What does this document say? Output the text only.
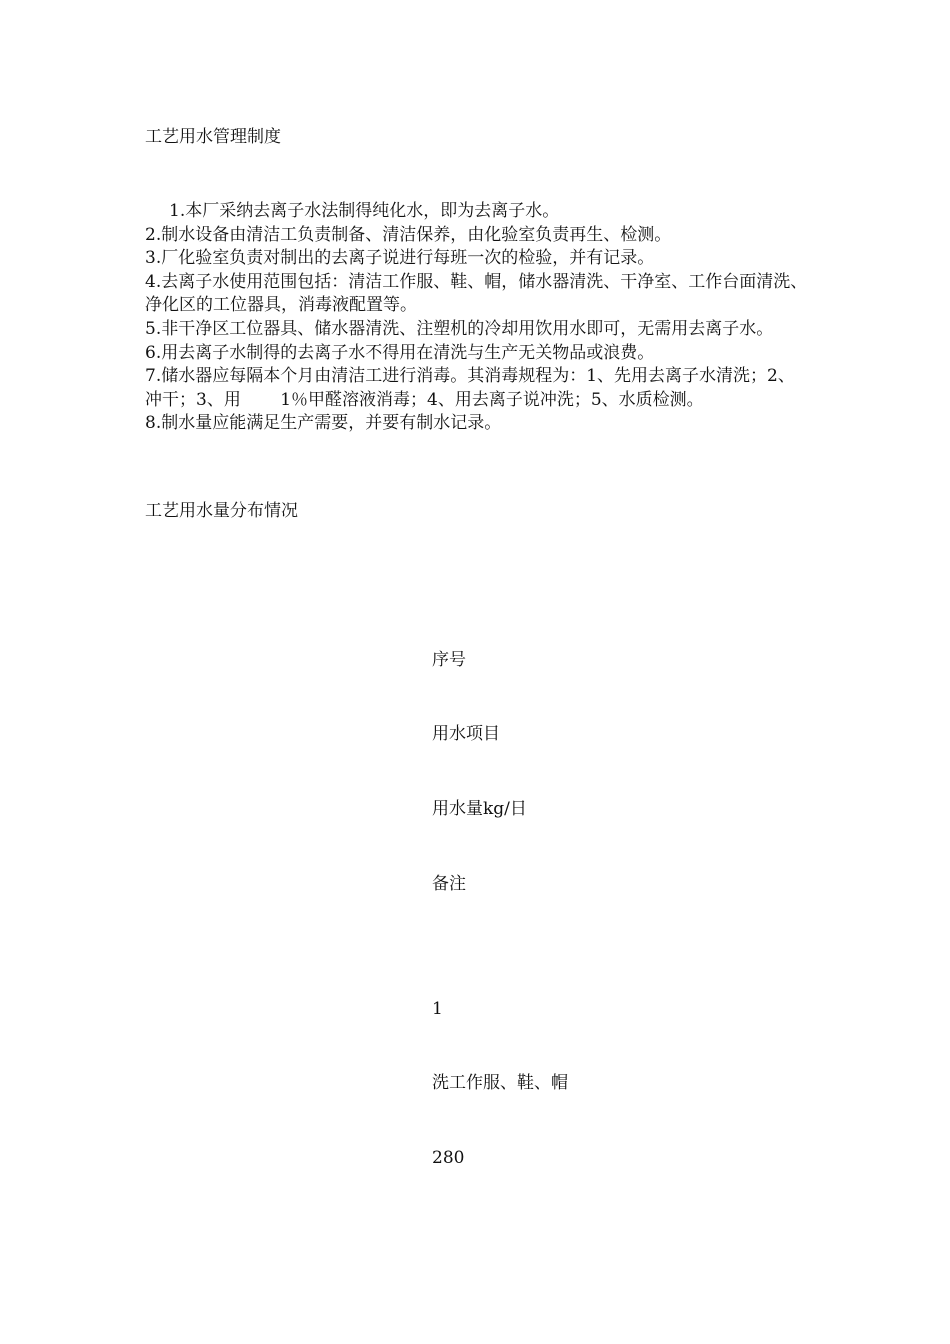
工艺用水管理制度

1.本厂采纳去离子水法制得纯化水，即为去离子水。

2.制水设备由清洁工负责制备、清洁保养，由化验室负责再生、检测。

3.厂化验室负责对制出的去离子说进行每班一次的检验，并有记录。

4.去离子水使用范围包括：清洁工作服、鞋、帽，储水器清洗、干净室、工作台面清洗、净化区的工位器具，消毒液配置等。

5.非干净区工位器具、储水器清洗、注塑机的冷却用饮用水即可，无需用去离子水。

6.用去离子水制得的去离子水不得用在清洗与生产无关物品或浪费。

7.储水器应每隔本个月由清洁工进行消毒。其消毒规程为：1、先用去离子水清洗；2、冲干；3、用　　 1％甲醛溶液消毒；4、用去离子说冲洗；5、水质检测。

8.制水量应能满足生产需要，并要有制水记录。

工艺用水量分布情况
序号
用水项目
用水量kg/日
备注
1
洗工作服、鞋、帽
280
